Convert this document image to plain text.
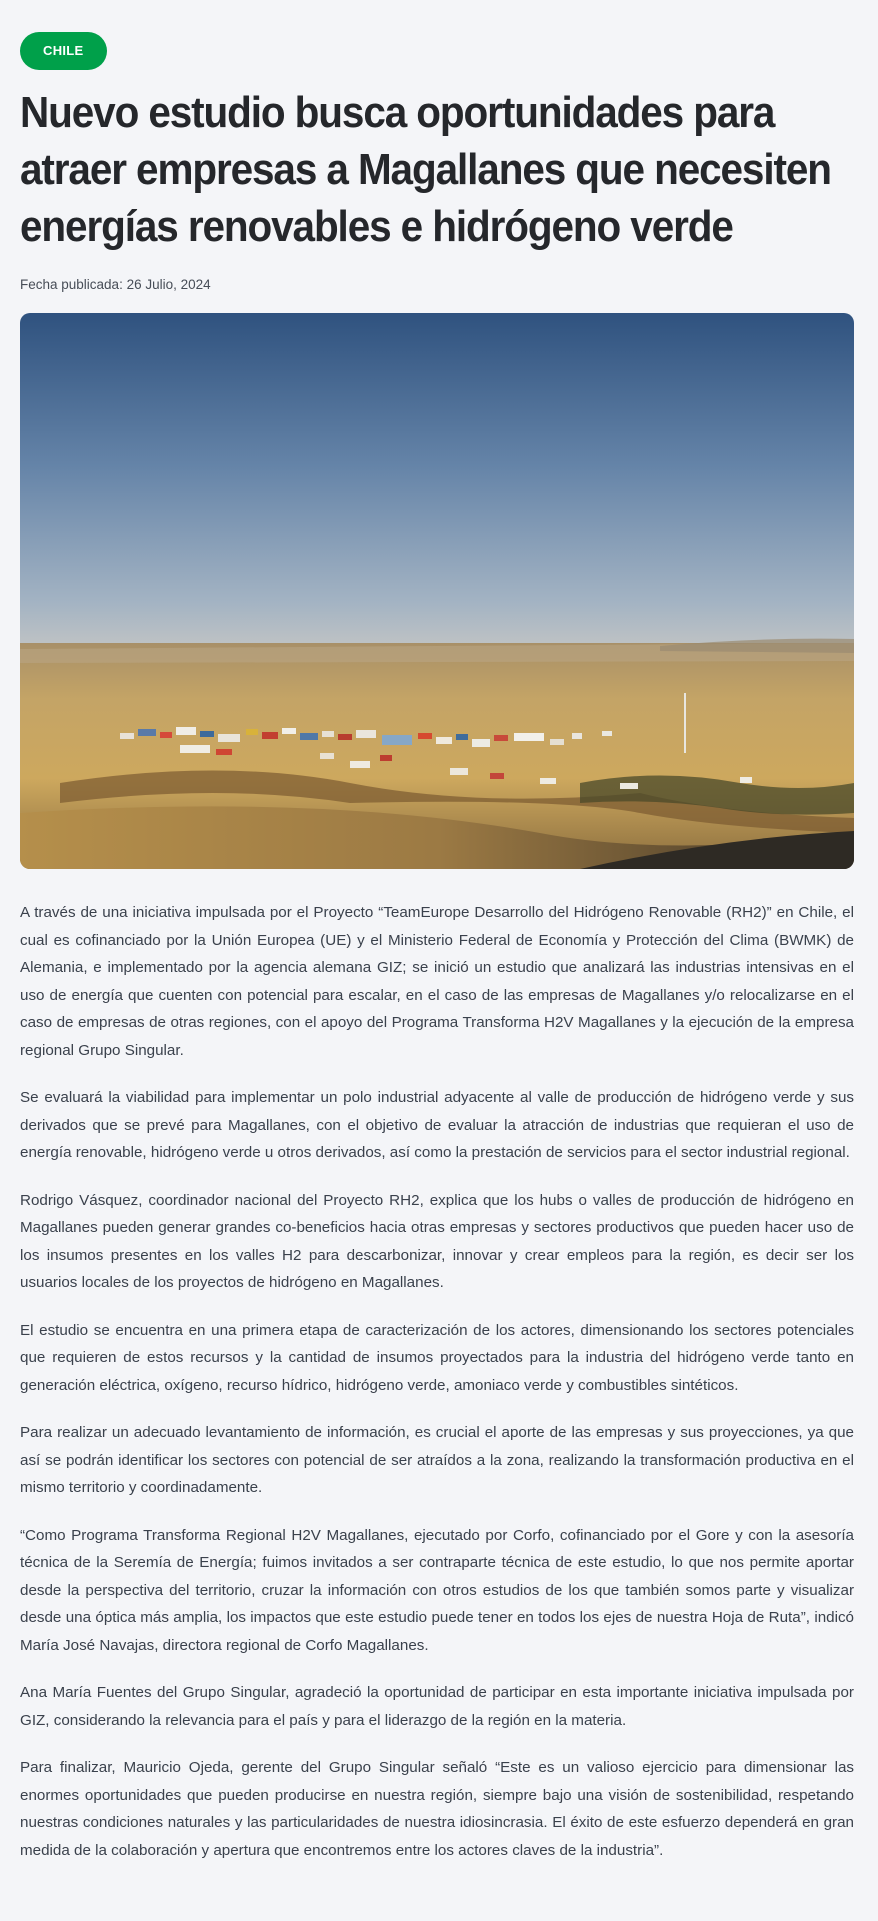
CHILE
Nuevo estudio busca oportunidades para atraer empresas a Magallanes que necesiten energías renovables e hidrógeno verde
Fecha publicada: 26 Julio, 2024

A través de una iniciativa impulsada por el Proyecto “TeamEurope Desarrollo del Hidrógeno Renovable (RH2)” en Chile, el cual es cofinanciado por la Unión Europea (UE) y el Ministerio Federal de Economía y Protección del Clima (BWMK) de Alemania, e implementado por la agencia alemana GIZ; se inició un estudio que analizará las industrias intensivas en el uso de energía que cuenten con potencial para escalar, en el caso de las empresas de Magallanes y/o relocalizarse en el caso de empresas de otras regiones, con el apoyo del Programa Transforma H2V Magallanes y la ejecución de la empresa regional Grupo Singular.

Se evaluará la viabilidad para implementar un polo industrial adyacente al valle de producción de hidrógeno verde y sus derivados que se prevé para Magallanes, con el objetivo de evaluar la atracción de industrias que requieran el uso de energía renovable, hidrógeno verde u otros derivados, así como la prestación de servicios para el sector industrial regional.

Rodrigo Vásquez, coordinador nacional del Proyecto RH2, explica que los hubs o valles de producción de hidrógeno en Magallanes pueden generar grandes co-beneficios hacia otras empresas y sectores productivos que pueden hacer uso de los insumos presentes en los valles H2 para descarbonizar, innovar y crear empleos para la región, es decir ser los usuarios locales de los proyectos de hidrógeno en Magallanes.

El estudio se encuentra en una primera etapa de caracterización de los actores, dimensionando los sectores potenciales que requieren de estos recursos y la cantidad de insumos proyectados para la industria del hidrógeno verde tanto en generación eléctrica, oxígeno, recurso hídrico, hidrógeno verde, amoniaco verde y combustibles sintéticos.

Para realizar un adecuado levantamiento de información, es crucial el aporte de las empresas y sus proyecciones, ya que así se podrán identificar los sectores con potencial de ser atraídos a la zona, realizando la transformación productiva en el mismo territorio y coordinadamente.

“Como Programa Transforma Regional H2V Magallanes, ejecutado por Corfo, cofinanciado por el Gore y con la asesoría técnica de la Seremía de Energía; fuimos invitados a ser contraparte técnica de este estudio, lo que nos permite aportar desde la perspectiva del territorio, cruzar la información con otros estudios de los que también somos parte y visualizar desde una óptica más amplia, los impactos que este estudio puede tener en todos los ejes de nuestra Hoja de Ruta”, indicó María José Navajas, directora regional de Corfo Magallanes.

Ana María Fuentes del Grupo Singular, agradeció la oportunidad de participar en esta importante iniciativa impulsada por GIZ, considerando la relevancia para el país y para el liderazgo de la región en la materia.

Para finalizar, Mauricio Ojeda, gerente del Grupo Singular señaló “Este es un valioso ejercicio para dimensionar las enormes oportunidades que pueden producirse en nuestra región, siempre bajo una visión de sostenibilidad, respetando nuestras condiciones naturales y las particularidades de nuestra idiosincrasia. El éxito de este esfuerzo dependerá en gran medida de la colaboración y apertura que encontremos entre los actores claves de la industria”.
